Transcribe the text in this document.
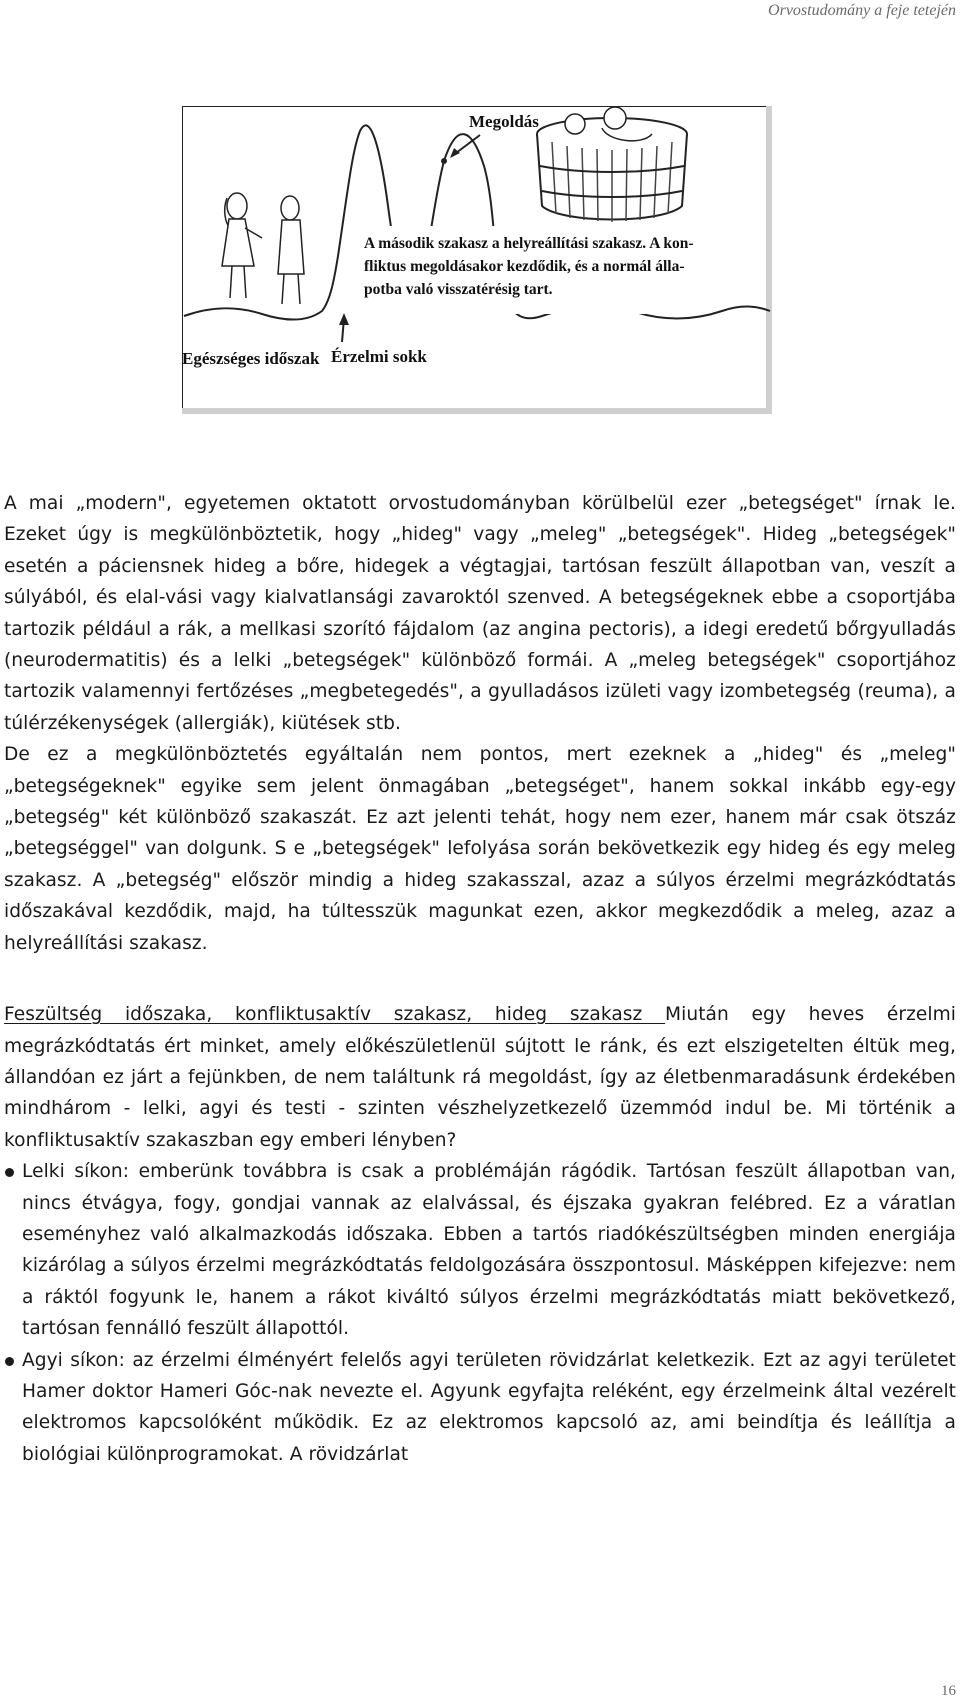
Orvostudomány a feje tetején
Megoldás
A második szakasz a helyreállítási szakasz. A kon-
fliktus megoldásakor kezdődik, és a normál álla-
potba való visszatérésig tart.
Egészséges időszak Érzelmi sokk

A mai „modern", egyetemen oktatott orvostudományban körülbelül ezer „betegséget" írnak le. Ezeket úgy is megkülönböztetik, hogy „hideg" vagy „meleg" „betegségek". Hideg „betegségek" esetén a páciensnek hideg a bőre, hidegek a végtagjai, tartósan feszült állapotban van, veszít a súlyából, és elal-vási vagy kialvatlansági zavaroktól szenved. A betegségeknek ebbe a csoportjába tartozik például a rák, a mellkasi szorító fájdalom (az angina pectoris), a idegi eredetű bőrgyulladás (neurodermatitis) és a lelki „betegségek" különböző formái. A „meleg betegségek" csoportjához tartozik valamennyi fertőzéses „megbetegedés", a gyulladásos izületi vagy izombetegség (reuma), a túlérzékenységek (allergiák), kiütések stb.

De ez a megkülönböztetés egyáltalán nem pontos, mert ezeknek a „hideg" és „meleg" „betegségeknek" egyike sem jelent önmagában „betegséget", hanem sokkal inkább egy-egy „betegség" két különböző szakaszát. Ez azt jelenti tehát, hogy nem ezer, hanem már csak ötszáz „betegséggel" van dolgunk. S e „betegségek" lefolyása során bekövetkezik egy hideg és egy meleg szakasz. A „betegség" először mindig a hideg szakasszal, azaz a súlyos érzelmi megrázkódtatás időszakával kezdődik, majd, ha túltesszük magunkat ezen, akkor megkezdődik a meleg, azaz a helyreállítási szakasz.

Feszültség időszaka, konfliktusaktív szakasz, hideg szakasz Miután egy heves érzelmi megrázkódtatás ért minket, amely előkészületlenül sújtott le ránk, és ezt elszigetelten éltük meg, állandóan ez járt a fejünkben, de nem találtunk rá megoldást, így az életbenmaradásunk érdekében mindhárom - lelki, agyi és testi - szinten vészhelyzetkezelő üzemmód indul be. Mi történik a konfliktusaktív szakaszban egy emberi lényben?

Lelki síkon: emberünk továbbra is csak a problémáján rágódik. Tartósan feszült állapotban van, nincs étvágya, fogy, gondjai vannak az elalvással, és éjszaka gyakran felébred. Ez a váratlan eseményhez való alkalmazkodás időszaka. Ebben a tartós riadókészültségben minden energiája kizárólag a súlyos érzelmi megrázkódtatás feldolgozására összpontosul. Másképpen kifejezve: nem a ráktól fogyunk le, hanem a rákot kiváltó súlyos érzelmi megrázkódtatás miatt bekövetkező, tartósan fennálló feszült állapottól.
Agyi síkon: az érzelmi élményért felelős agyi területen rövidzárlat keletkezik. Ezt az agyi területet Hamer doktor Hameri Góc-nak nevezte el. Agyunk egyfajta reléként, egy érzelmeink által vezérelt elektromos kapcsolóként működik. Ez az elektromos kapcsoló az, ami beindítja és leállítja a biológiai különprogramokat. A rövidzárlat
16
